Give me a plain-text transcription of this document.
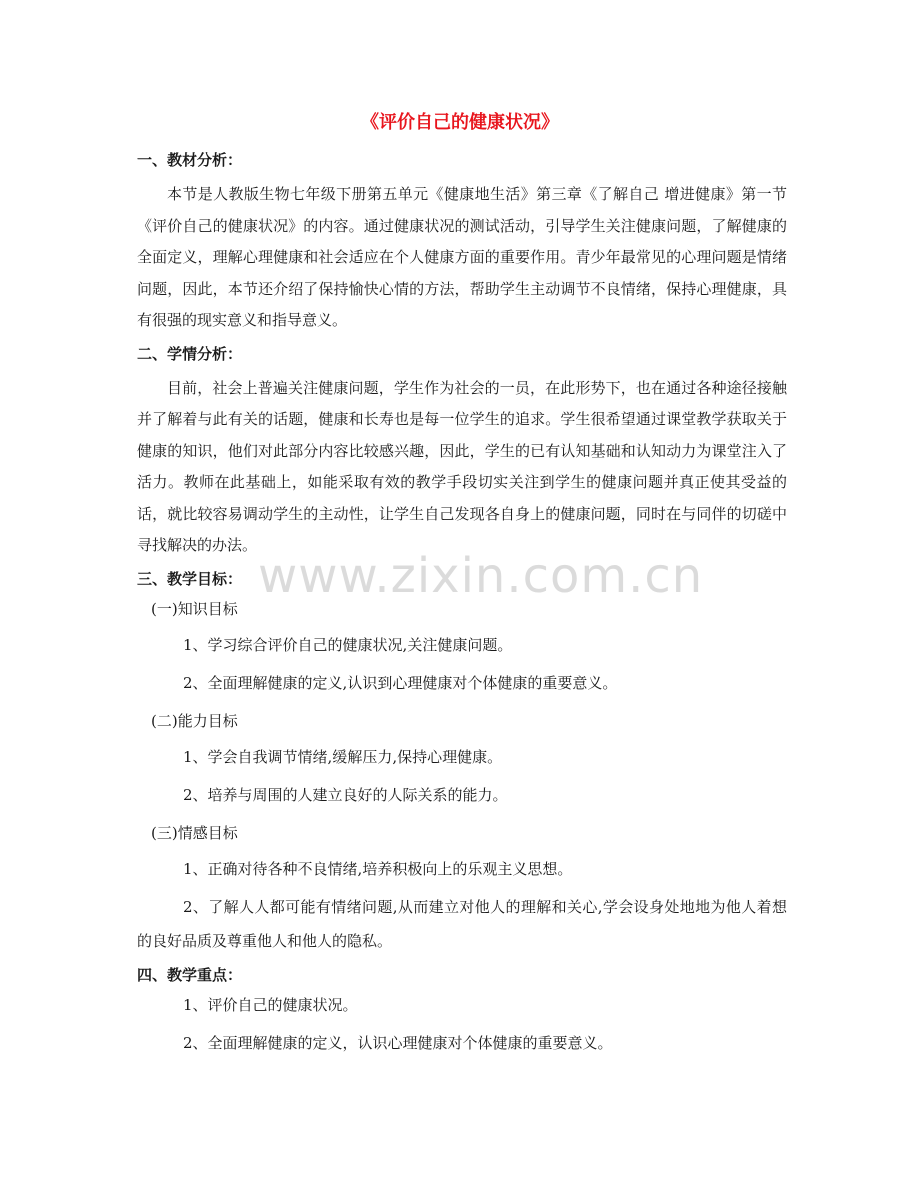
《评价自己的健康状况》
一、教材分析：
本节是人教版生物七年级下册第五单元《健康地生活》第三章《了解自己 增进健康》第一节《评价自己的健康状况》的内容。通过健康状况的测试活动，引导学生关注健康问题，了解健康的全面定义，理解心理健康和社会适应在个人健康方面的重要作用。青少年最常见的心理问题是情绪问题，因此，本节还介绍了保持愉快心情的方法，帮助学生主动调节不良情绪，保持心理健康，具有很强的现实意义和指导意义。
二、学情分析：
目前，社会上普遍关注健康问题，学生作为社会的一员，在此形势下，也在通过各种途径接触并了解着与此有关的话题，健康和长寿也是每一位学生的追求。学生很希望通过课堂教学获取关于健康的知识，他们对此部分内容比较感兴趣，因此，学生的已有认知基础和认知动力为课堂注入了活力。教师在此基础上，如能采取有效的教学手段切实关注到学生的健康问题并真正使其受益的话，就比较容易调动学生的主动性，让学生自己发现各自身上的健康问题，同时在与同伴的切磋中寻找解决的办法。
三、教学目标：
(一)知识目标
1、学习综合评价自己的健康状况,关注健康问题。
2、全面理解健康的定义,认识到心理健康对个体健康的重要意义。
(二)能力目标
1、学会自我调节情绪,缓解压力,保持心理健康。
2、培养与周围的人建立良好的人际关系的能力。
(三)情感目标
1、正确对待各种不良情绪,培养积极向上的乐观主义思想。
2、了解人人都可能有情绪问题,从而建立对他人的理解和关心,学会设身处地地为他人着想的良好品质及尊重他人和他人的隐私。
四、教学重点：
1、评价自己的健康状况。
2、全面理解健康的定义，认识心理健康对个体健康的重要意义。
www.zixin.com.cn
